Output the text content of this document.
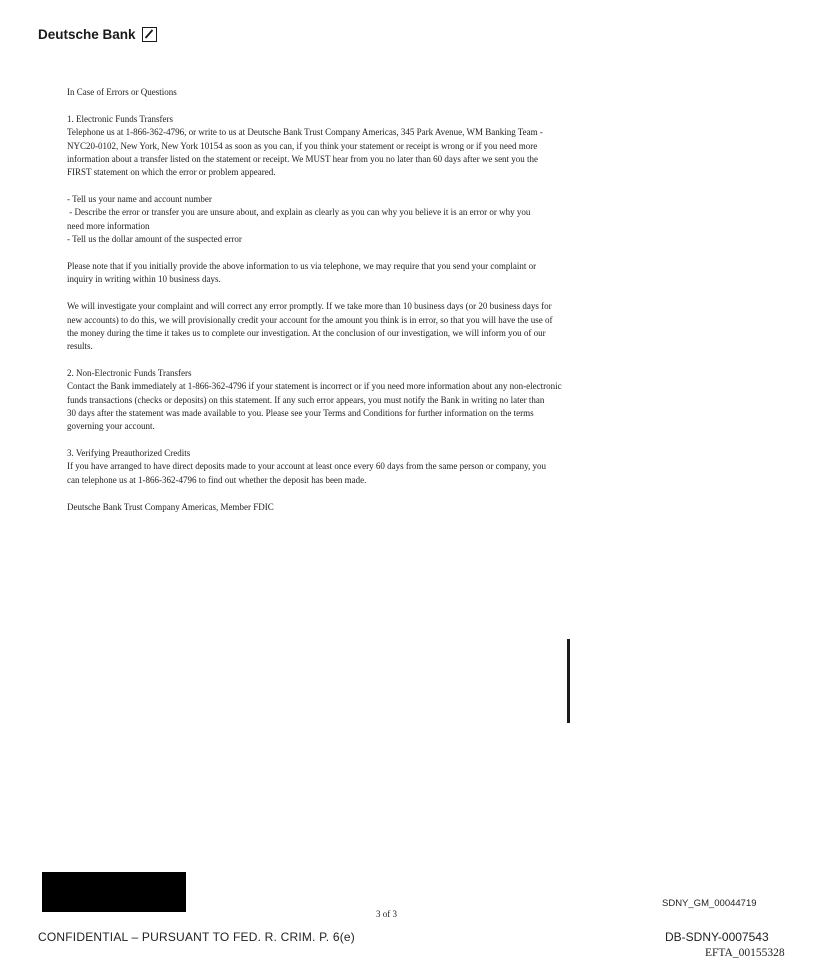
Deutsche Bank

In Case of Errors or Questions

1. Electronic Funds Transfers
Telephone us at 1-866-362-4796, or write to us at Deutsche Bank Trust Company Americas, 345 Park Avenue, WM Banking Team -
NYC20-0102, New York, New York 10154 as soon as you can, if you think your statement or receipt is wrong or if you need more
information about a transfer listed on the statement or receipt. We MUST hear from you no later than 60 days after we sent you the
FIRST statement on which the error or problem appeared.

- Tell us your name and account number
- Describe the error or transfer you are unsure about, and explain as clearly as you can why you believe it is an error or why you
need more information
- Tell us the dollar amount of the suspected error

Please note that if you initially provide the above information to us via telephone, we may require that you send your complaint or
inquiry in writing within 10 business days.

We will investigate your complaint and will correct any error promptly. If we take more than 10 business days (or 20 business days for
new accounts) to do this, we will provisionally credit your account for the amount you think is in error, so that you will have the use of
the money during the time it takes us to complete our investigation. At the conclusion of our investigation, we will inform you of our
results.

2. Non-Electronic Funds Transfers
Contact the Bank immediately at 1-866-362-4796 if your statement is incorrect or if you need more information about any non-electronic
funds transactions (checks or deposits) on this statement. If any such error appears, you must notify the Bank in writing no later than
30 days after the statement was made available to you. Please see your Terms and Conditions for further information on the terms
governing your account.

3. Verifying Preauthorized Credits
If you have arranged to have direct deposits made to your account at least once every 60 days from the same person or company, you
can telephone us at 1-866-362-4796 to find out whether the deposit has been made.

Deutsche Bank Trust Company Americas, Member FDIC

3 of 3
SDNY_GM_00044719
CONFIDENTIAL – PURSUANT TO FED. R. CRIM. P. 6(e)	DB-SDNY-0007543
EFTA_00155328
